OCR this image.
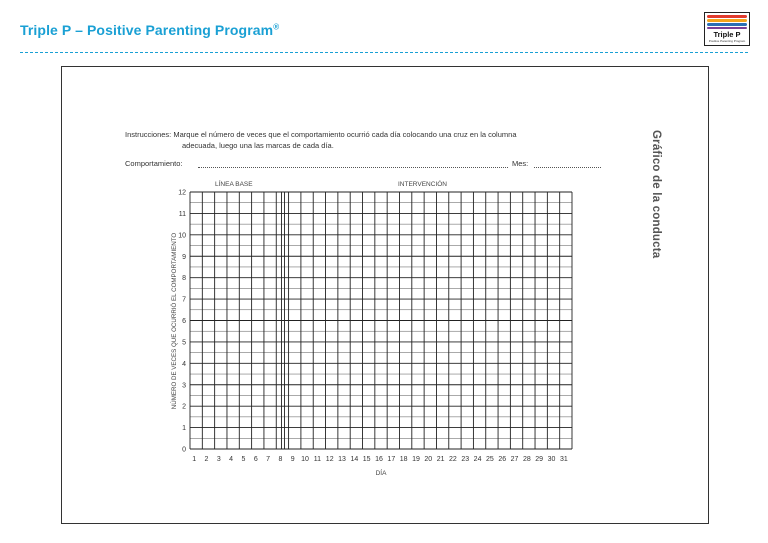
Triple P – Positive Parenting Program®
Triple P
Positive Parenting Program
Instrucciones: Marque el número de veces que el comportamiento ocurrió cada día colocando una cruz en la columna
adecuada, luego una las marcas de cada día.
Comportamiento:	Mes:	Gráfico de la conducta
0
1
2
3
4
5
6
7
8
9
10
11
12
1 2 3 4 5 6 7 8 9 10 11 12 13 14 15 16 17 18 19 20 21 22 23 24 25 26 27 28 29 30 31
LÍNEA BASE	INTERVENCIÓN
DÍA
NÚMERO DE VECES QUE OCURRIÓ EL COMPORTAMIENTO
